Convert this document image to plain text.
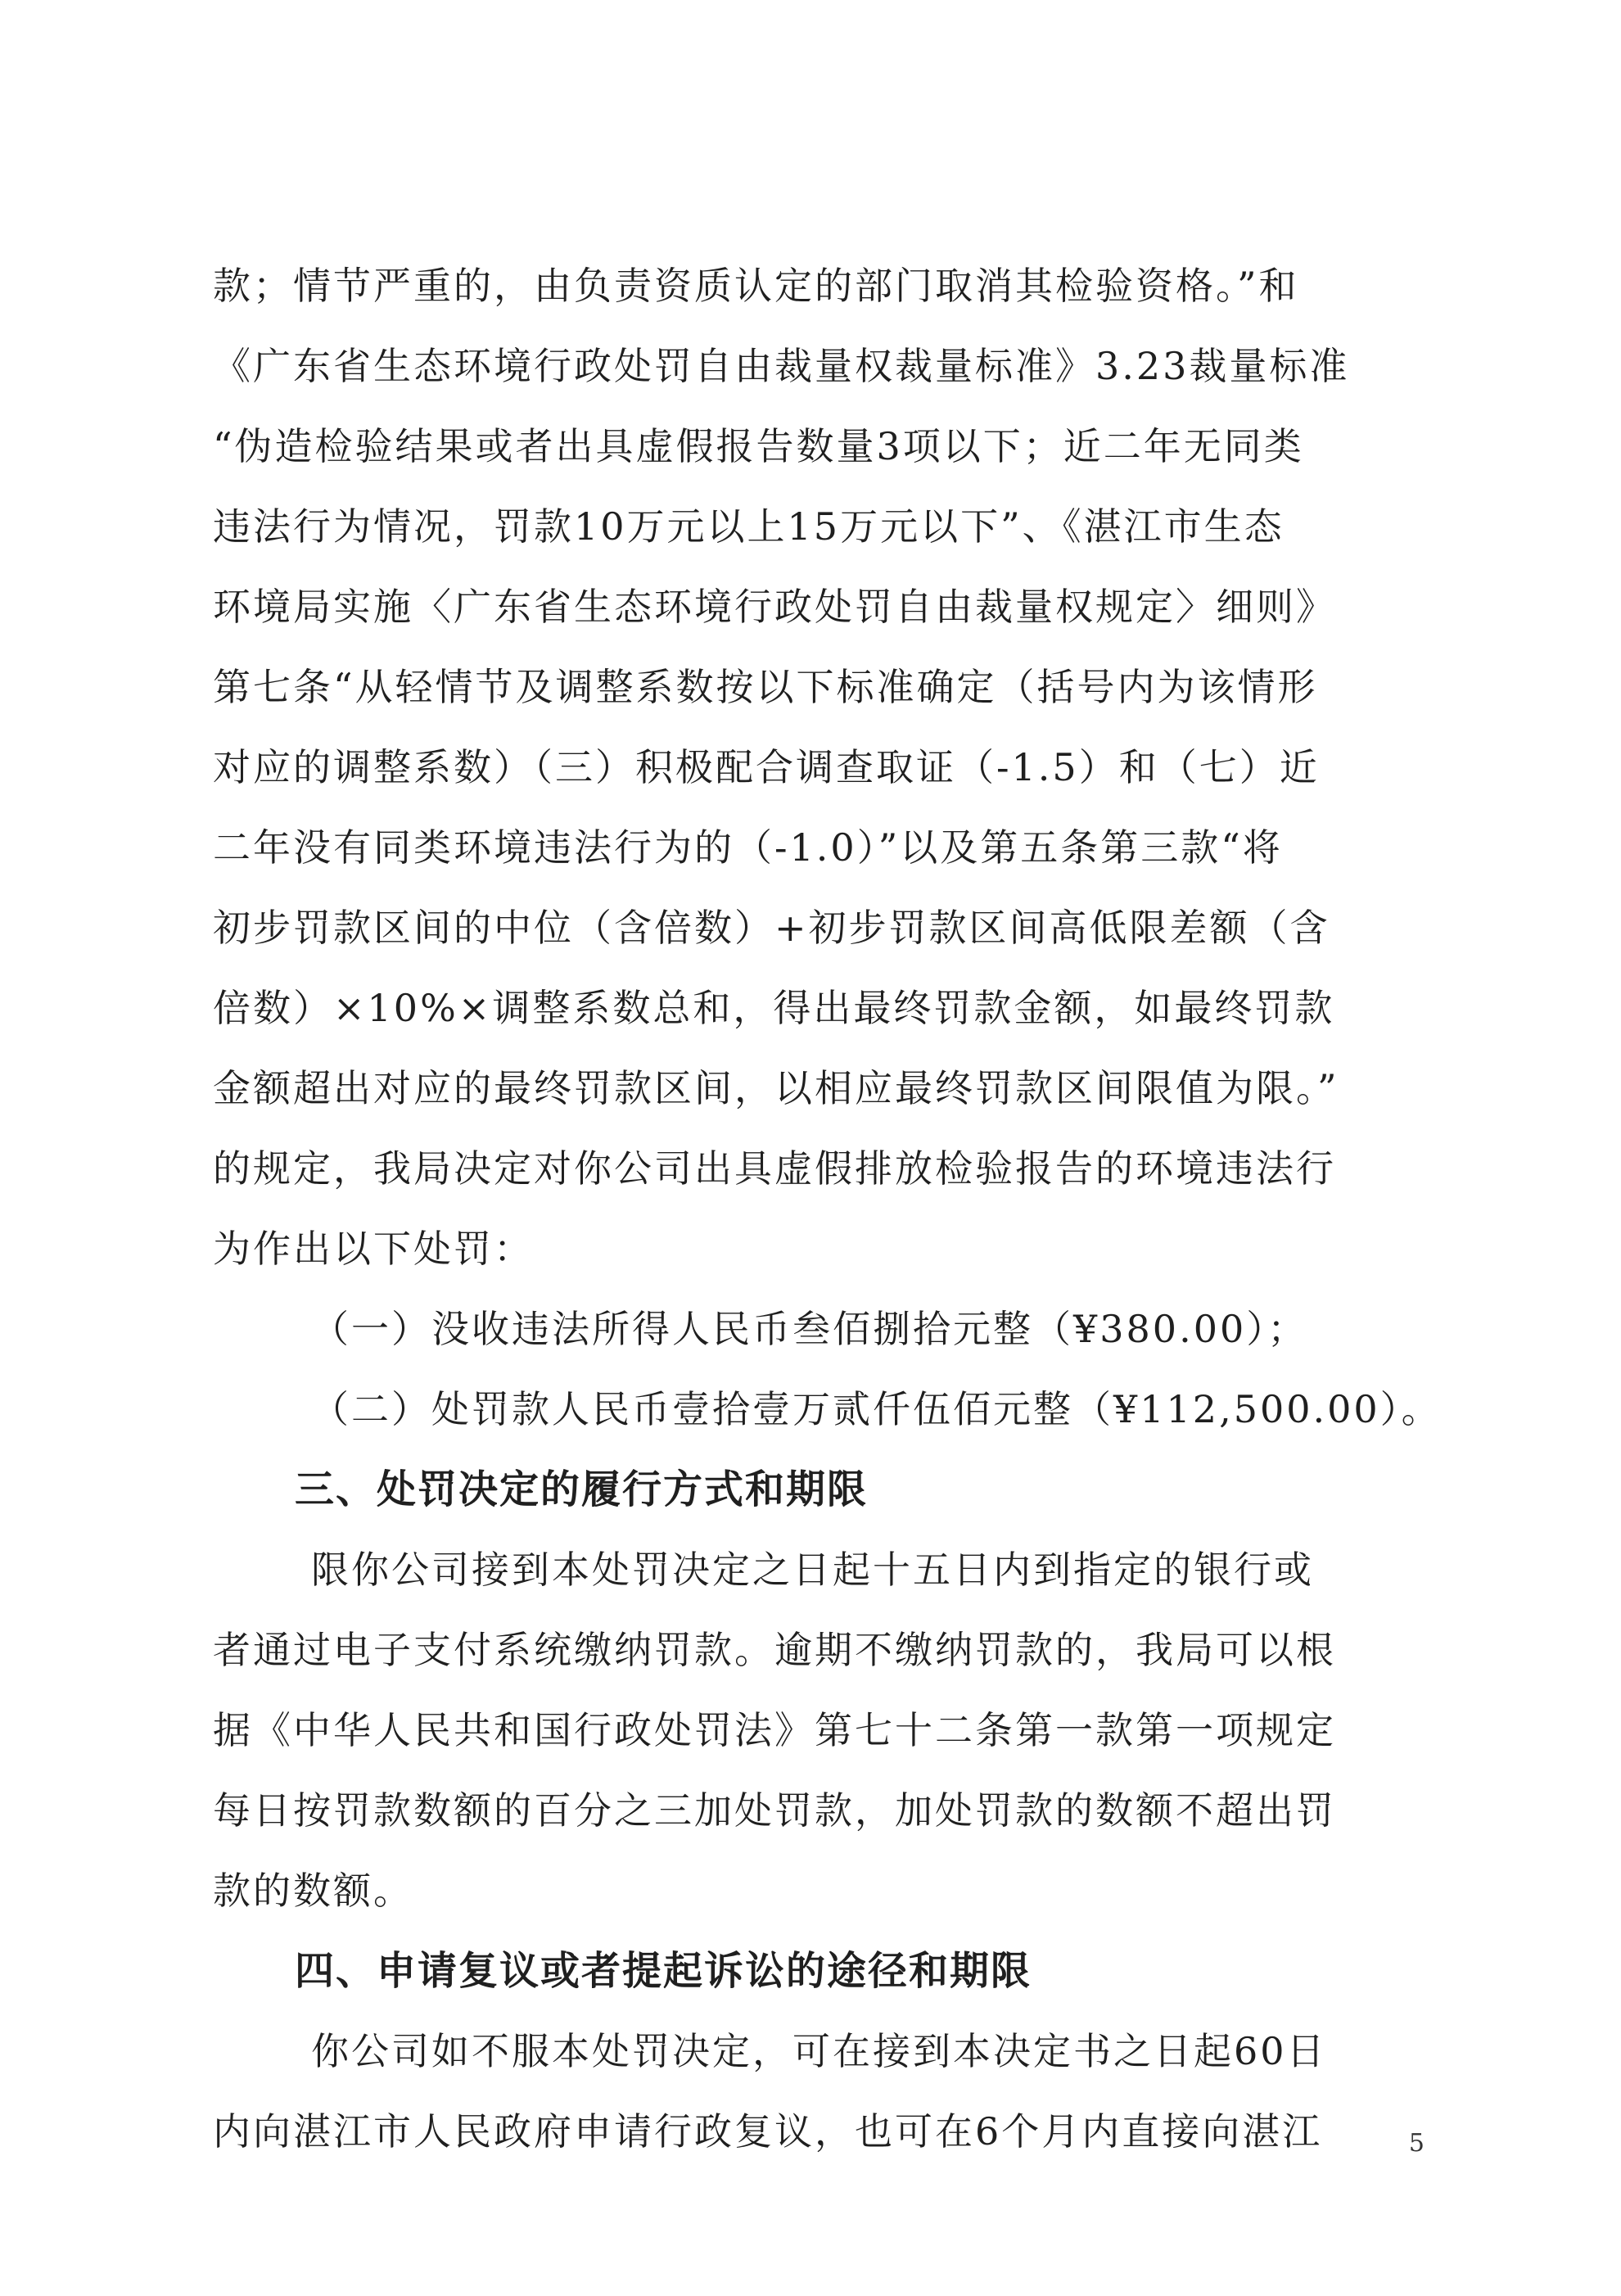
款；情节严重的，由负责资质认定的部门取消其检验资格。”和

《广东省生态环境行政处罚自由裁量权裁量标准》3.23裁量标准

“伪造检验结果或者出具虚假报告数量3项以下；近二年无同类

违法行为情况，罚款10万元以上15万元以下”、《湛江市生态

环境局实施〈广东省生态环境行政处罚自由裁量权规定〉细则》

第七条“从轻情节及调整系数按以下标准确定（括号内为该情形

对应的调整系数）（三）积极配合调查取证（-1.5）和（七）近

二年没有同类环境违法行为的（-1.0）”以及第五条第三款“将

初步罚款区间的中位（含倍数）+初步罚款区间高低限差额（含

倍数）×10%×调整系数总和，得出最终罚款金额，如最终罚款

金额超出对应的最终罚款区间，以相应最终罚款区间限值为限。”

的规定，我局决定对你公司出具虚假排放检验报告的环境违法行

为作出以下处罚：

（一）没收违法所得人民币叁佰捌拾元整（¥380.00）；

（二）处罚款人民币壹拾壹万贰仟伍佰元整（¥112,500.00）。

三、处罚决定的履行方式和期限

限你公司接到本处罚决定之日起十五日内到指定的银行或

者通过电子支付系统缴纳罚款。逾期不缴纳罚款的，我局可以根

据《中华人民共和国行政处罚法》第七十二条第一款第一项规定

每日按罚款数额的百分之三加处罚款，加处罚款的数额不超出罚

款的数额。

四、申请复议或者提起诉讼的途径和期限

你公司如不服本处罚决定，可在接到本决定书之日起60日

内向湛江市人民政府申请行政复议，也可在6个月内直接向湛江	5
